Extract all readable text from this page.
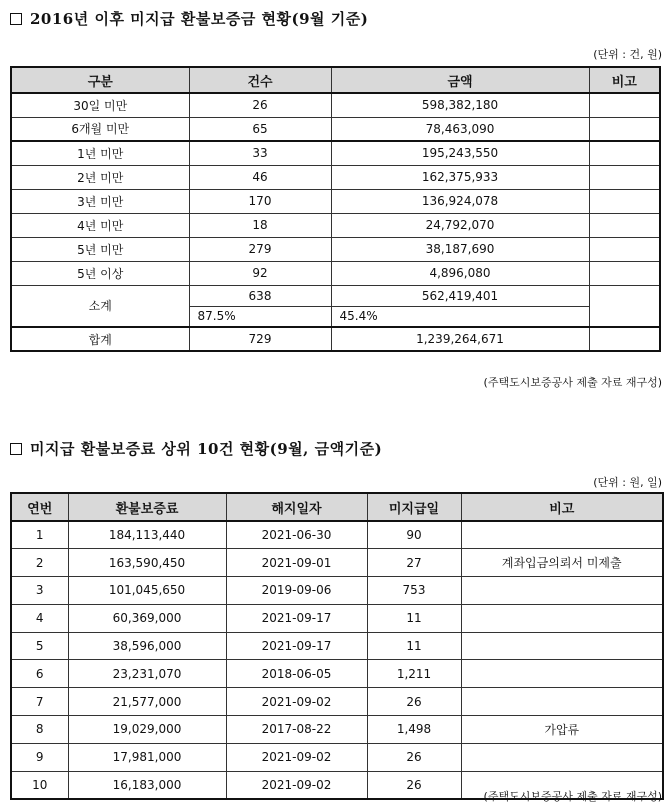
2016년 이후 미지급 환불보증금 현황(9월 기준)
(단위 : 건, 원)
구분	건수	금액	비고
30일 미만	26	598,382,180	
6개월 미만	65	78,463,090	
1년 미만	33	195,243,550	
2년 미만	46	162,375,933	
3년 미만	170	136,924,078	
4년 미만	18	24,792,070	
5년 미만	279	38,187,690	
5년 이상	92	4,896,080	
소계	638	562,419,401	
	87.5%	45.4%	
합계	729	1,239,264,671	
(주택도시보증공사 제출 자료 재구성)
미지급 환불보증료 상위 10건 현황(9월, 금액기준)
(단위 : 원, 일)
연번	환불보증료	해지일자	미지급일	비고
1	184,113,440	2021-06-30	90	
2	163,590,450	2021-09-01	27	계좌입금의뢰서 미제출
3	101,045,650	2019-09-06	753	
4	60,369,000	2021-09-17	11	
5	38,596,000	2021-09-17	11	
6	23,231,070	2018-06-05	1,211	
7	21,577,000	2021-09-02	26	
8	19,029,000	2017-08-22	1,498	가압류
9	17,981,000	2021-09-02	26	
10	16,183,000	2021-09-02	26	
(주택도시보증공사 제출 자료 재구성)
